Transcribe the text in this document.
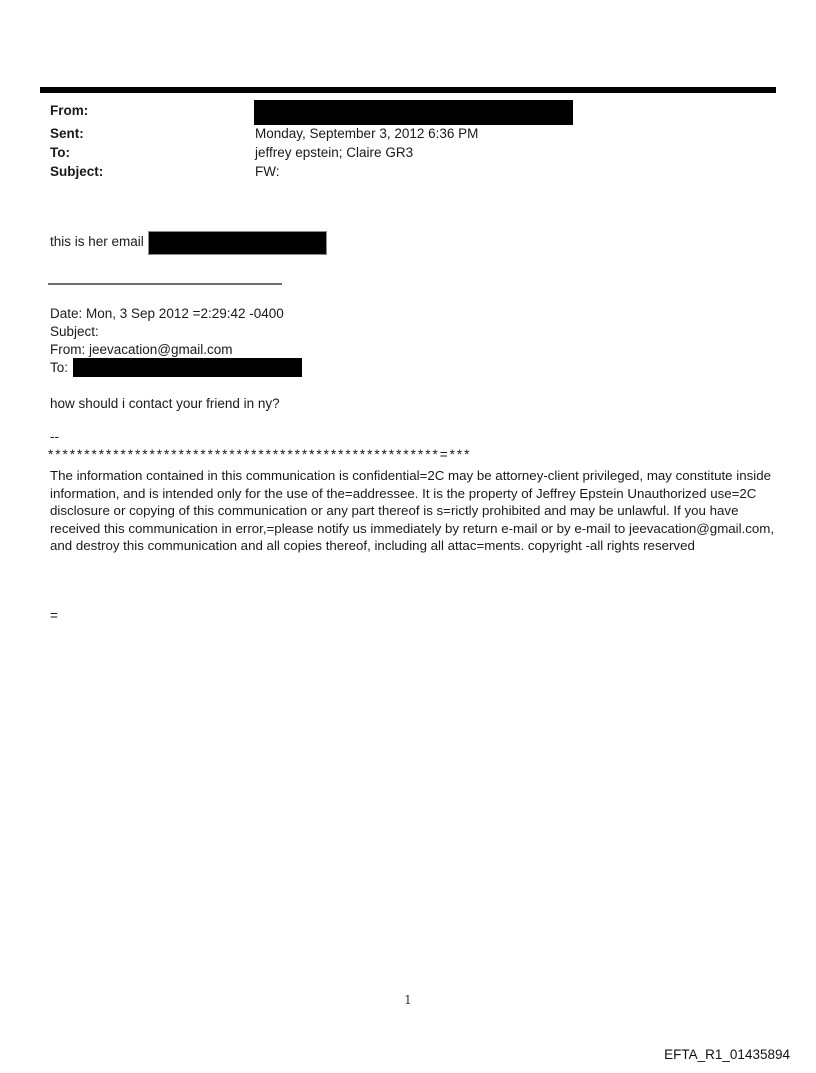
From:
Sent:	Monday, September 3, 2012 6:36 PM
To:	jeffrey epstein; Claire GR3
Subject:	FW:
this is her email
Date: Mon, 3 Sep 2012 =2:29:42 -0400
Subject:
From: jeevacation@gmail.com
To:
how should i contact your friend in ny?
--
******************************************************=***
The information contained in this communication is confidential=2C may be attorney-client privileged, may constitute inside information, and is intended only for the use of the=addressee. It is the property of Jeffrey Epstein Unauthorized use=2C disclosure or copying of this communication or any part thereof is s=rictly prohibited and may be unlawful. If you have received this communication in error,=please notify us immediately by return e-mail or by e-mail to jeevacation@gmail.com, and destroy this communication and all copies thereof, including all attac=ments. copyright -all rights reserved
=
1
EFTA_R1_01435894
